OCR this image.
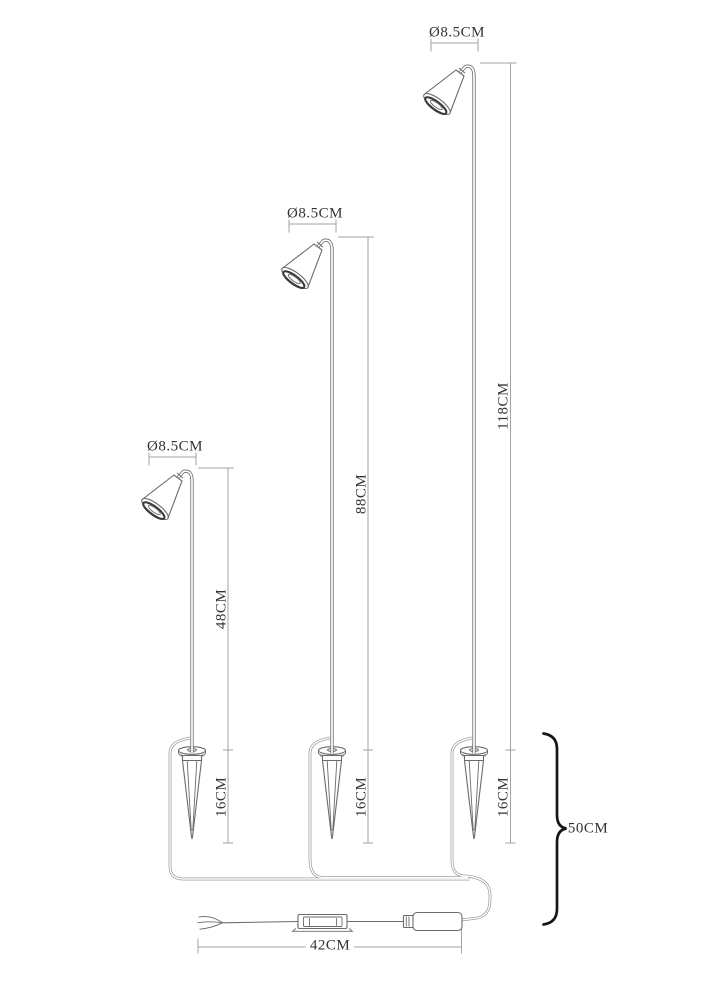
Ø8.5CM
Ø8.5CM
Ø8.5CM
48CM
88CM
118CM
16CM	16CM	16CM
50CM
42CM
